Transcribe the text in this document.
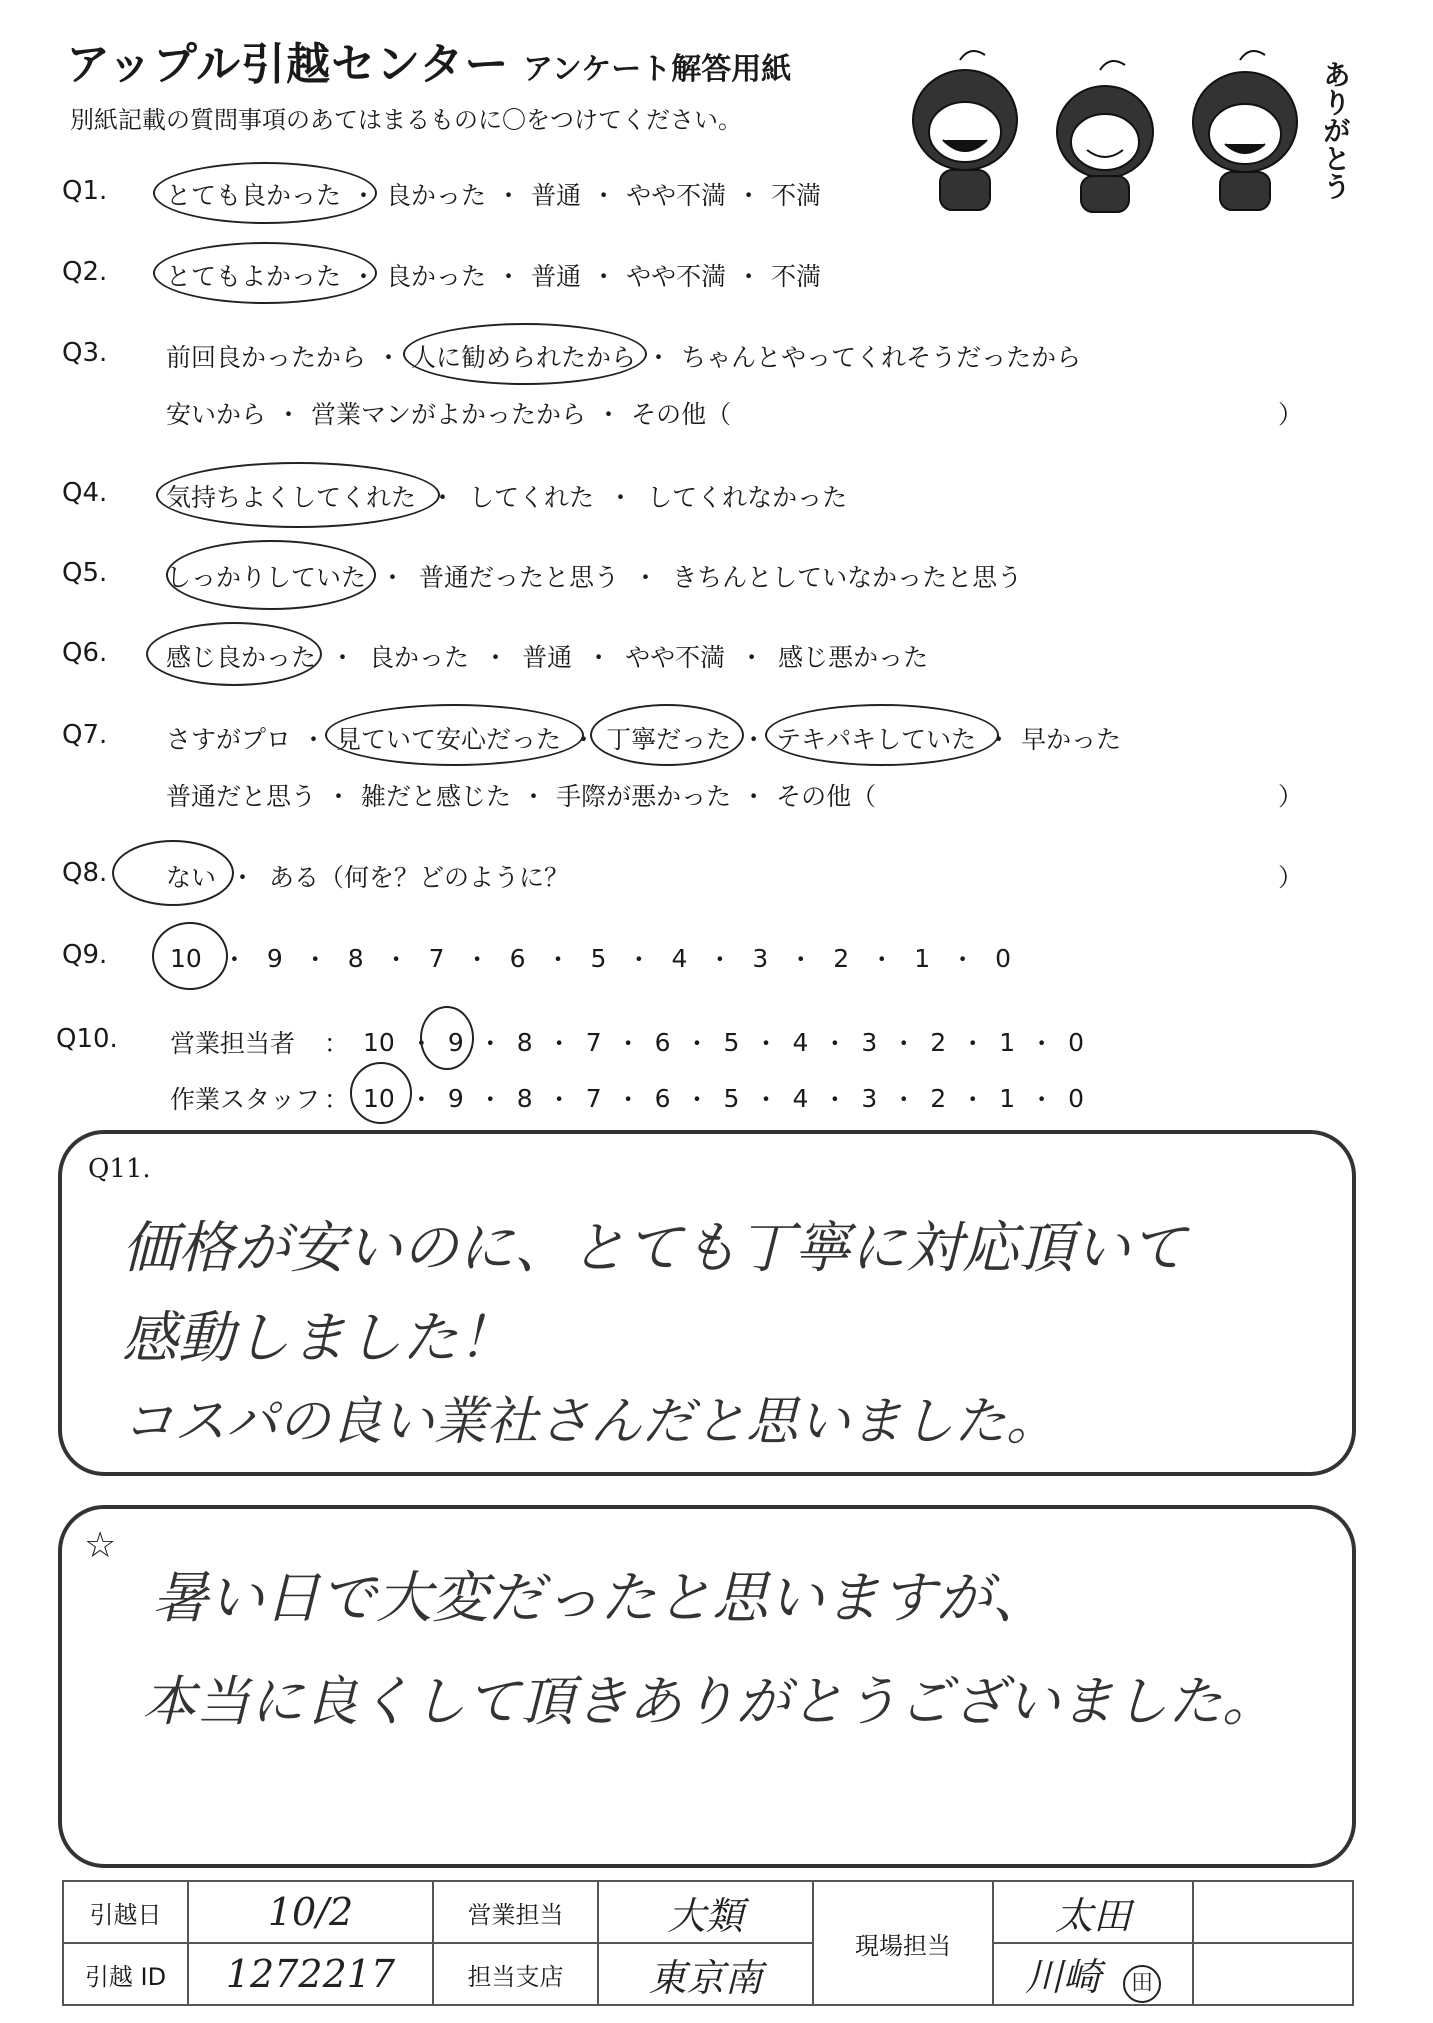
アップル引越センター アンケート解答用紙
別紙記載の質問事項のあてはまるものに〇をつけてください。	ありがとう
Q1. とても良かった ・ 良かった ・ 普通 ・ やや不満 ・ 不満
Q2. とてもよかった ・ 良かった ・ 普通 ・ やや不満 ・ 不満
Q3. 前回良かったから ・ 人に勧められたから ・ ちゃんとやってくれそうだったから
安いから ・ 営業マンがよかったから ・ その他（	）
Q4. 気持ちよくしてくれた ・ してくれた ・ してくれなかった
Q5. しっかりしていた ・ 普通だったと思う ・ きちんとしていなかったと思う
Q6. 感じ良かった ・ 良かった ・ 普通 ・ やや不満 ・ 感じ悪かった
Q7. さすがプロ ・ 見ていて安心だった ・ 丁寧だった ・ テキパキしていた ・ 早かった
普通だと思う ・ 雑だと感じた ・ 手際が悪かった ・ その他（	）
Q8. ない ・ ある（何を？どのように？	）
Q9.	10 ・ 9 ・ 8 ・ 7 ・ 6 ・ 5 ・ 4 ・ 3 ・ 2 ・ 1 ・ 0
Q10. 営業担当者	： 10 ・ 9 ・ 8 ・ 7 ・ 6 ・ 5 ・ 4 ・ 3 ・ 2 ・ 1 ・ 0
作業スタッフ ： 10 ・ 9 ・ 8 ・ 7 ・ 6 ・ 5 ・ 4 ・ 3 ・ 2 ・ 1 ・ 0
Q11.
価格が安いのに、とても丁寧に対応頂いて
感動しました！
コスパの良い業社さんだと思いました。
☆
暑い日で大変だったと思いますが、
本当に良くして頂きありがとうございました。
引越日	10/2	営業担当	大類	現場担当	太田	
引越 ID	1272217	担当支店	東京南		川崎 田	
